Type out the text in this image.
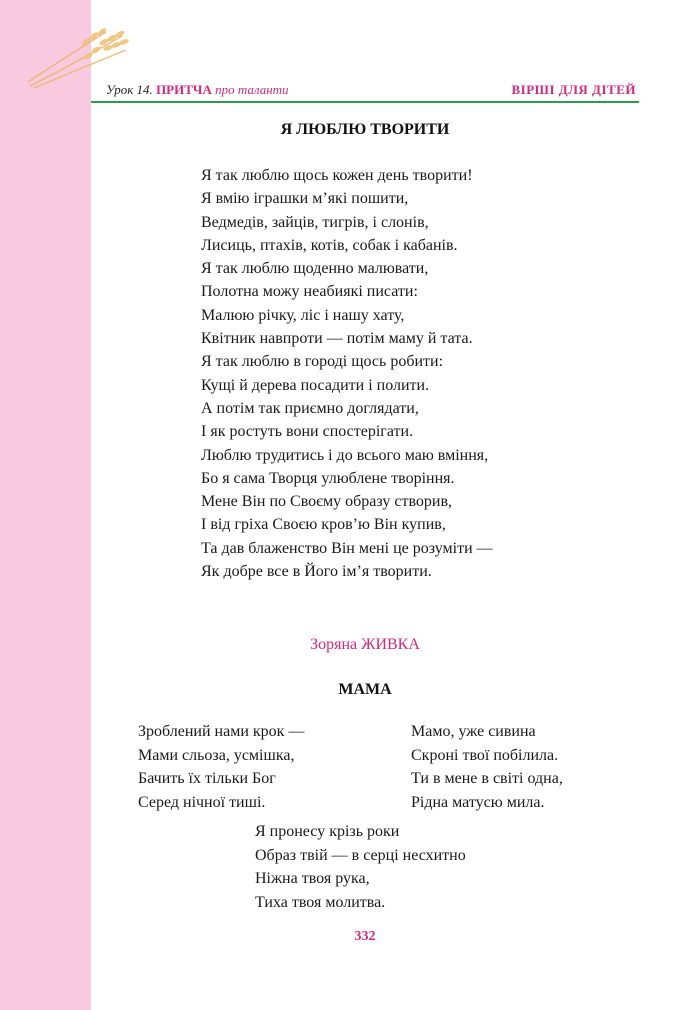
Урок 14. ПРИТЧА про таланти	ВІРШІ ДЛЯ ДІТЕЙ
Я ЛЮБЛЮ ТВОРИТИ
Я так люблю щось кожен день творити!
Я вмію іграшки м’які пошити,
Ведмедів, зайців, тигрів, і слонів,
Лисиць, птахів, котів, собак і кабанів.
Я так люблю щоденно малювати,
Полотна можу неабиякі писати:
Малюю річку, ліс і нашу хату,
Квітник навпроти — потім маму й тата.
Я так люблю в городі щось робити:
Кущі й дерева посадити і полити.
А потім так приємно доглядати,
І як ростуть вони спостерігати.
Люблю трудитись і до всього маю вміння,
Бо я сама Творця улюблене творіння.
Мене Він по Своєму образу створив,
І від гріха Своєю кров’ю Він купив,
Та дав блаженство Він мені це розуміти —
Як добре все в Його ім’я творити.
Зоряна ЖИВКА
МАМА
Зроблений нами крок —
Мами сльоза, усмішка,
Бачить їх тільки Бог
Серед нічної тиші.
Мамо, уже сивина
Скроні твої побілила.
Ти в мене в світі одна,
Рідна матусю мила.
Я пронесу крізь роки
Образ твій — в серці несхитно
Ніжна твоя рука,
Тиха твоя молитва.
332
